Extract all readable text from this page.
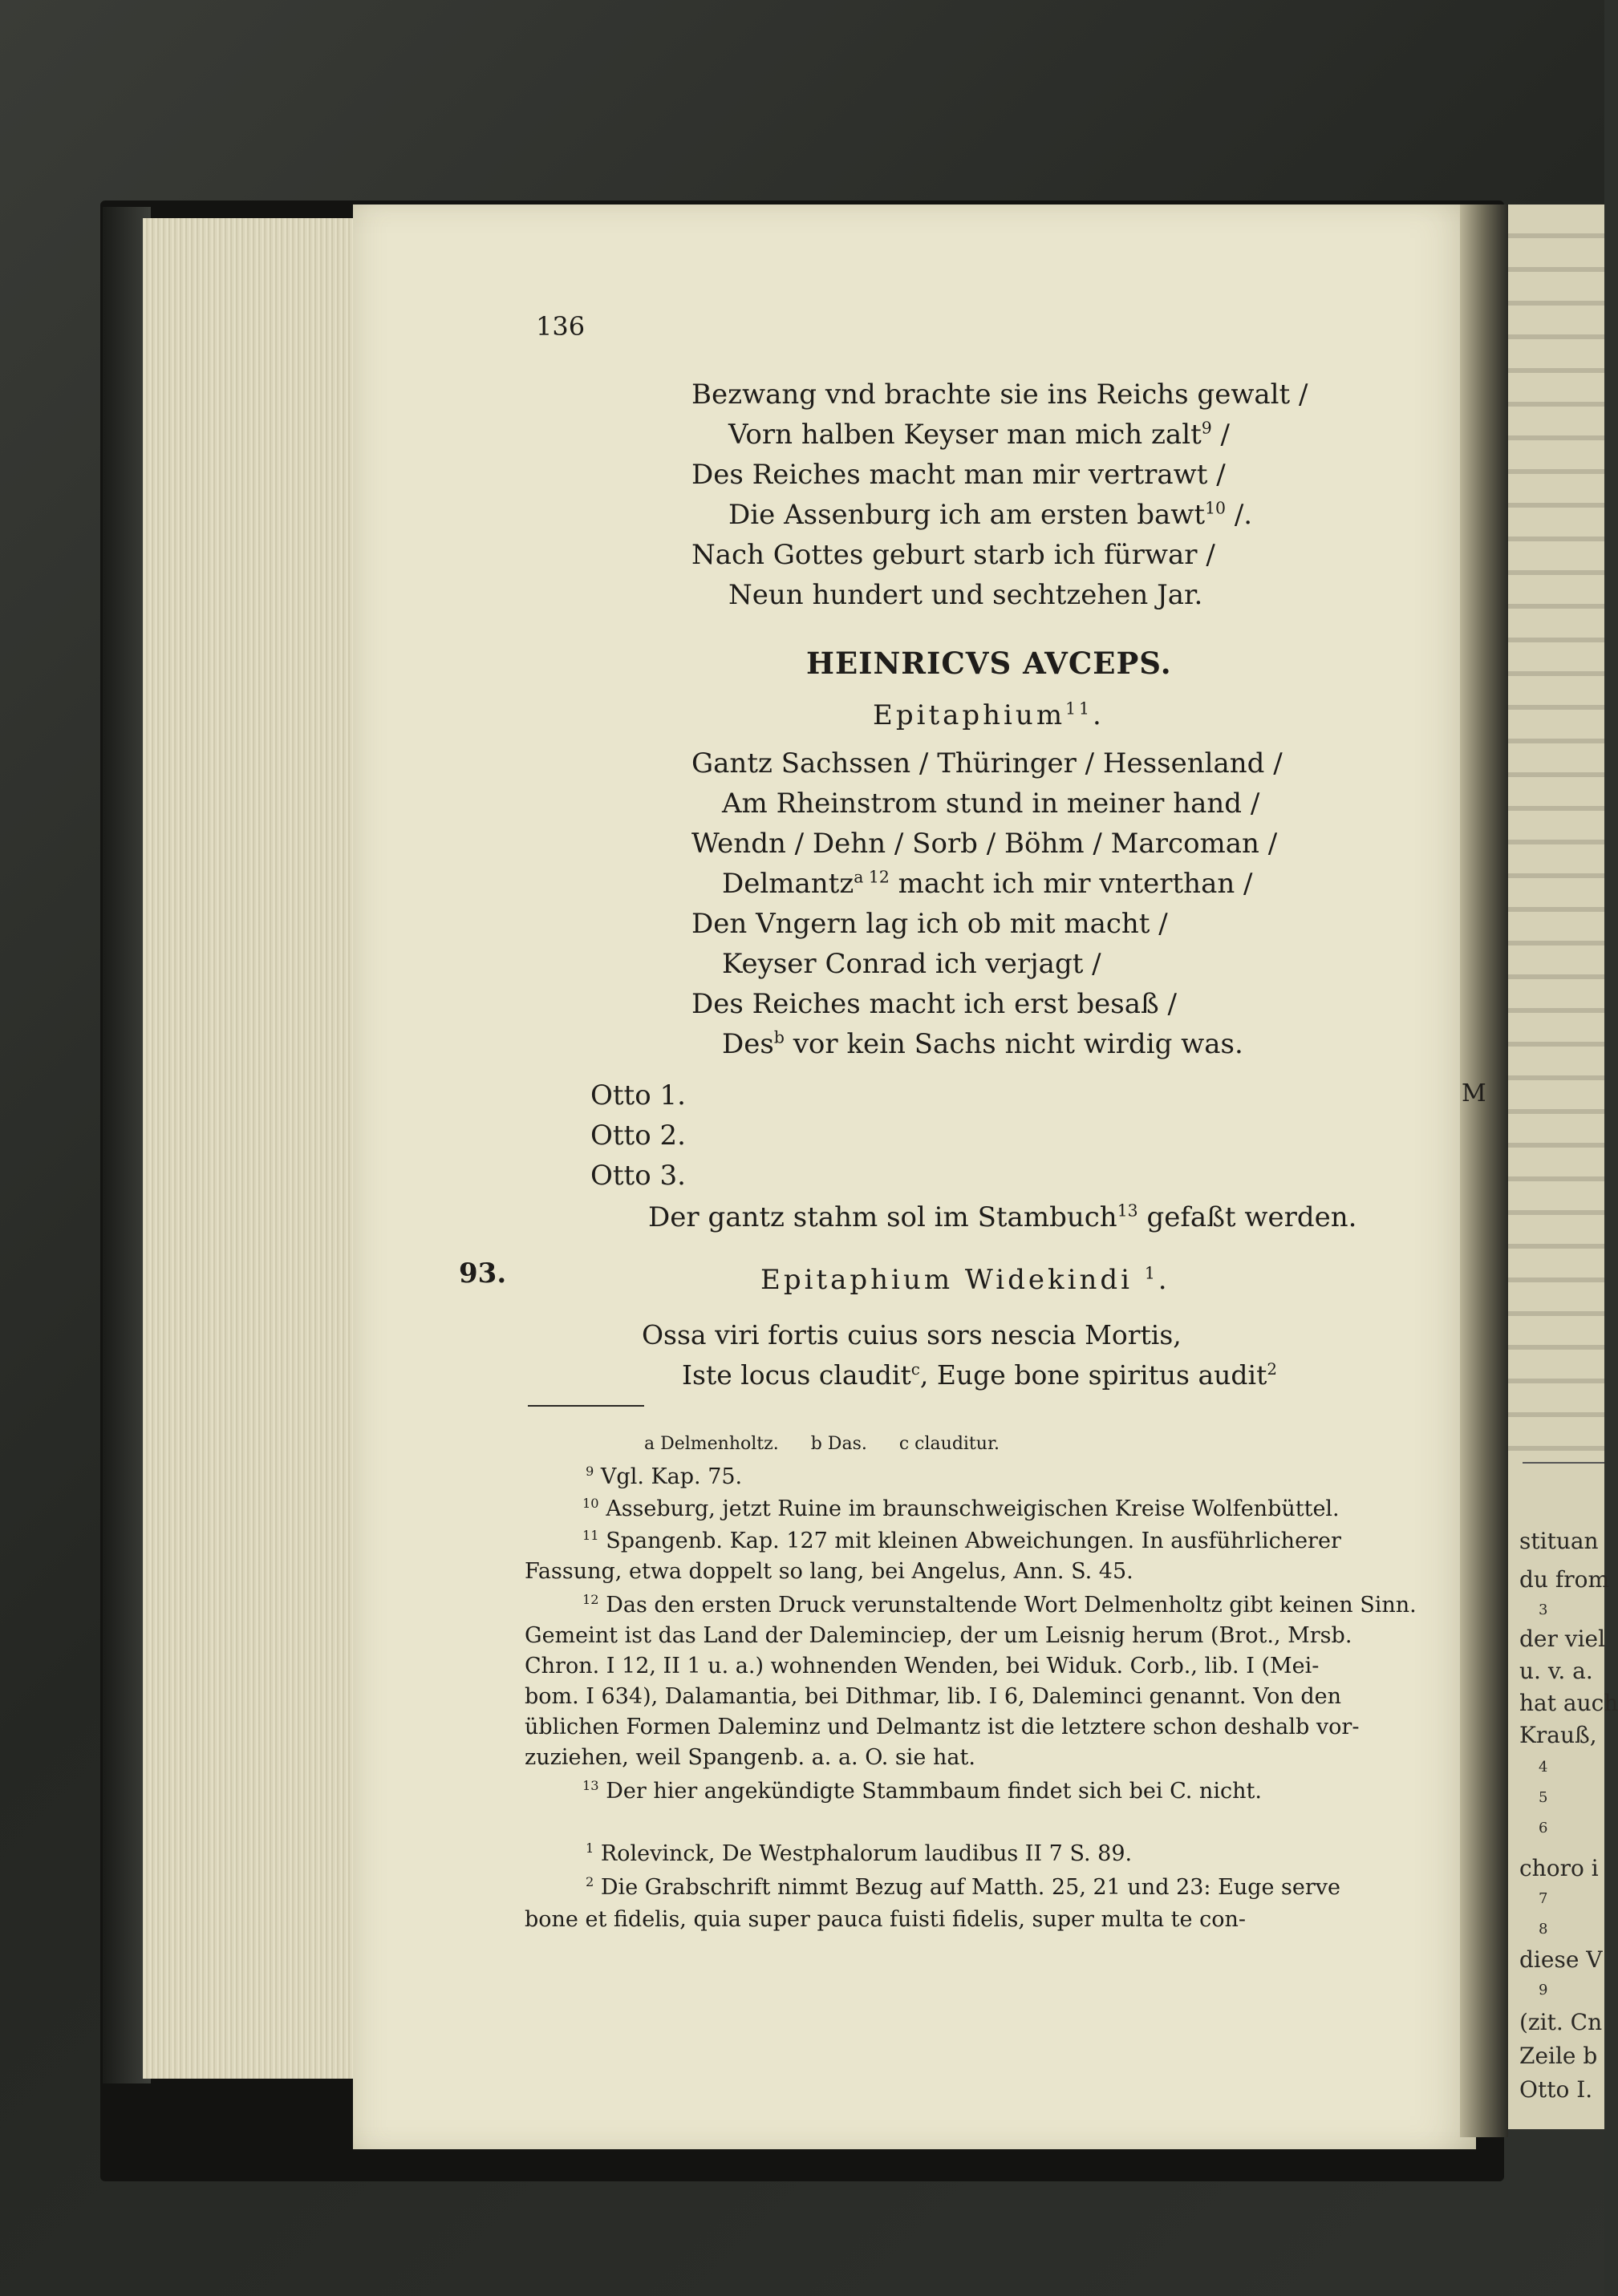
stituan
du from
3
der viel
u. v. a.
hat auch
Krauß,
4
5
6
choro i
7
8
diese V
9
(zit. Cn
Zeile b
Otto I.
136
Bezwang vnd brachte sie ins Reichs gewalt /
Vorn halben Keyser man mich zalt$^9$ /
Des Reiches macht man mir vertrawt /
Die Assenburg ich am ersten bawt$^{10}$ /.
Nach Gottes geburt starb ich fürwar /
Neun hundert und sechtzehen Jar.
HEINRICVS AVCEPS.
Epitaphium$^{11}$.
Gantz Sachssen / Thüringer / Hessenland /
Am Rheinstrom stund in meiner hand /
Wendn / Dehn / Sorb / Böhm / Marcoman /
Delmantz$^{a 12}$ macht ich mir vnterthan /
Den Vngern lag ich ob mit macht /
Keyser Conrad ich verjagt /
Des Reiches macht ich erst besaß /
Des$^b$ vor kein Sachs nicht wirdig was.
Otto 1.
Otto 2.
Otto 3.
Der gantz stahm sol im Stambuch$^{13}$ gefaßt werden.
93.	Epitaphium Widekindi $^1$.
Ossa viri fortis cuius sors nescia Mortis,
Iste locus claudit$^c$, Euge bone spiritus audit$^2$
a Delmenholtz. b Das. c clauditur.
$^9$ Vgl. Kap. 75.
$^{10}$ Asseburg, jetzt Ruine im braunschweigischen Kreise Wolfenbüttel.
$^{11}$ Spangenb. Kap. 127 mit kleinen Abweichungen. In ausführlicherer
Fassung, etwa doppelt so lang, bei Angelus, Ann. S. 45.
$^{12}$ Das den ersten Druck verunstaltende Wort Delmenholtz gibt keinen Sinn.
Gemeint ist das Land der Daleminciер, der um Leisnig herum (Brot., Mrsb.
Chron. I 12, II 1 u. a.) wohnenden Wenden, bei Widuk. Corb., lib. I (Mei-
bom. I 634), Dalamantia, bei Dithmar, lib. I 6, Daleminci genannt. Von den
üblichen Formen Daleminz und Delmantz ist die letztere schon deshalb vor-
zuziehen, weil Spangenb. a. a. O. sie hat.
$^{13}$ Der hier angekündigte Stammbaum findet sich bei C. nicht.
$^1$ Rolevinck, De Westphalorum laudibus II 7 S. 89.
$^2$ Die Grabschrift nimmt Bezug auf Matth. 25, 21 und 23: Euge serve
bone et fidelis, quia super pauca fuisti fidelis, super multa te con-
M
